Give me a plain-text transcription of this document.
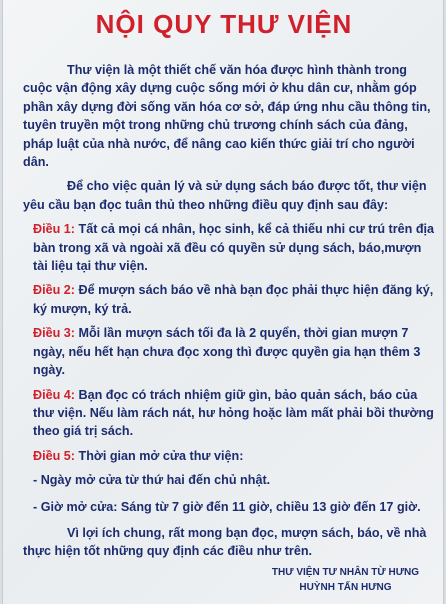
NỘI QUY THƯ VIỆN

Thư viện là một thiết chế văn hóa được hình thành trong cuộc vận động xây dựng cuộc sống mới ở khu dân cư, nhằm góp phần xây dựng đời sống văn hóa cơ sở, đáp ứng nhu cầu thông tin, tuyên truyền một trong những chủ trương chính sách của đảng, pháp luật của nhà nước, để nâng cao kiến thức giải trí cho người dân.

Để cho việc quản lý và sử dụng sách báo được tốt, thư viện yêu cầu bạn đọc tuân thủ theo những điều quy định sau đây:

Điều 1: Tất cả mọi cá nhân, học sinh, kể cả thiếu nhi cư trú trên địa bàn trong xã và ngoài xã đều có quyền sử dụng sách, báo,mượn tài liệu tại thư viện.

Điều 2: Để mượn sách báo về nhà bạn đọc phải thực hiện đăng ký, ký mượn, ký trả.

Điều 3: Mỗi lần mượn sách tối đa là 2 quyển, thời gian mượn 7 ngày, nếu hết hạn chưa đọc xong thì được quyền gia hạn thêm 3 ngày.

Điều 4: Bạn đọc có trách nhiệm giữ gìn, bảo quản sách, báo của thư viện. Nếu làm rách nát, hư hỏng hoặc làm mất phải bồi thường theo giá trị sách.

Điều 5: Thời gian mở cửa thư viện:

- Ngày mở cửa từ thứ hai đến chủ nhật.

- Giờ mở cửa: Sáng từ 7 giờ đến 11 giờ, chiều 13 giờ đến 17 giờ.

Vì lợi ích chung, rất mong bạn đọc, mượn sách, báo, về nhà thực hiện tốt những quy định các điều như trên.

THƯ VIỆN TƯ NHÂN TỪ HƯNG
HUỲNH TẤN HƯNG
